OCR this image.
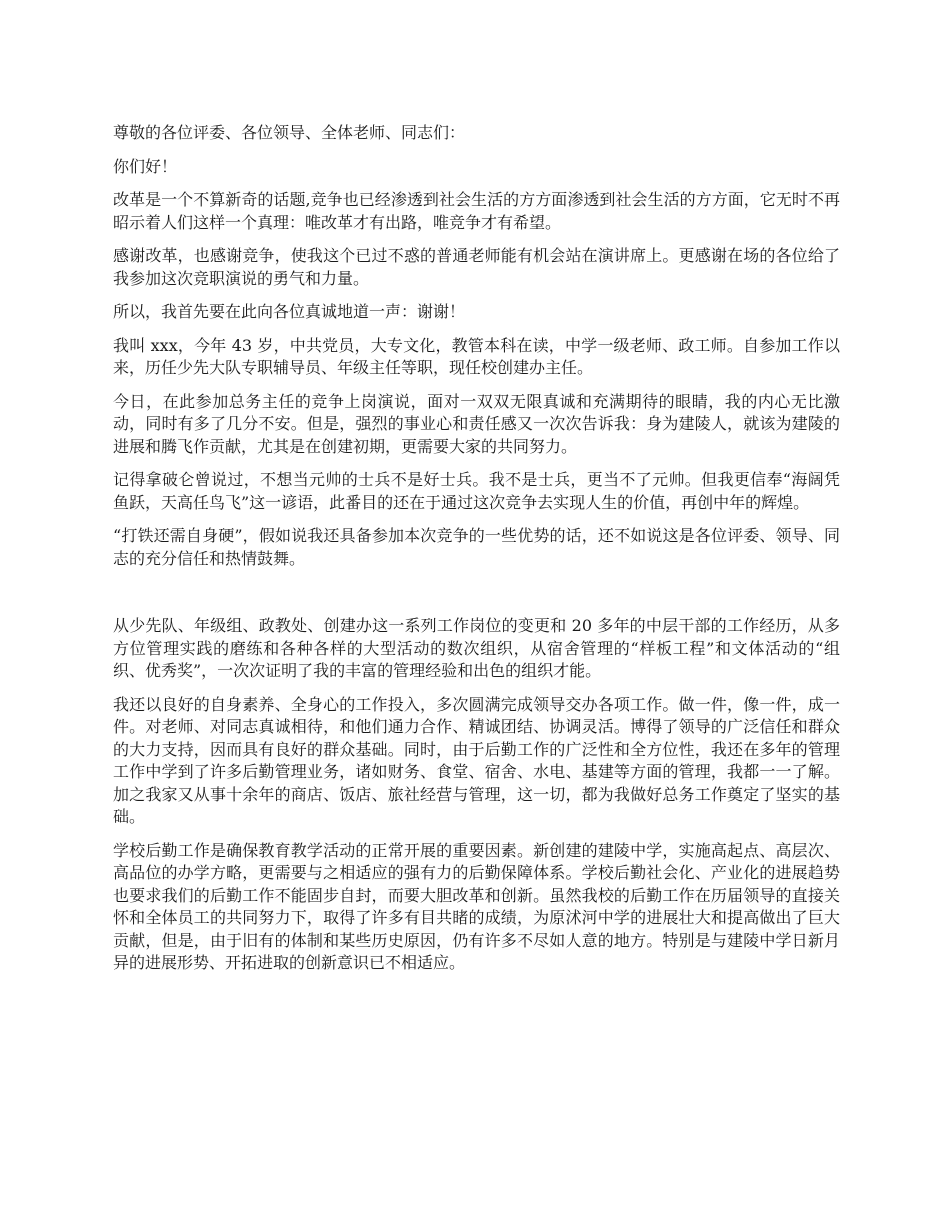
尊敬的各位评委、各位领导、全体老师、同志们：

你们好！

改革是一个不算新奇的话题,竞争也已经渗透到社会生活的方方面渗透到社会生活的方方面，它无时不再昭示着人们这样一个真理：唯改革才有出路，唯竞争才有希望。

感谢改革，也感谢竞争，使我这个已过不惑的普通老师能有机会站在演讲席上。更感谢在场的各位给了我参加这次竞职演说的勇气和力量。

所以，我首先要在此向各位真诚地道一声：谢谢！

我叫 xxx，今年 43 岁，中共党员，大专文化，教管本科在读，中学一级老师、政工师。自参加工作以来，历任少先大队专职辅导员、年级主任等职，现任校创建办主任。

今日，在此参加总务主任的竞争上岗演说，面对一双双无限真诚和充满期待的眼睛，我的内心无比激动，同时有多了几分不安。但是，强烈的事业心和责任感又一次次告诉我：身为建陵人，就该为建陵的进展和腾飞作贡献，尤其是在创建初期，更需要大家的共同努力。

记得拿破仑曾说过，不想当元帅的士兵不是好士兵。我不是士兵，更当不了元帅。但我更信奉“海阔凭鱼跃，天高任鸟飞”这一谚语，此番目的还在于通过这次竞争去实现人生的价值，再创中年的辉煌。

“打铁还需自身硬”，假如说我还具备参加本次竞争的一些优势的话，还不如说这是各位评委、领导、同志的充分信任和热情鼓舞。

从少先队、年级组、政教处、创建办这一系列工作岗位的变更和 20 多年的中层干部的工作经历，从多方位管理实践的磨练和各种各样的大型活动的数次组织，从宿舍管理的“样板工程”和文体活动的“组织、优秀奖”，一次次证明了我的丰富的管理经验和出色的组织才能。

我还以良好的自身素养、全身心的工作投入，多次圆满完成领导交办各项工作。做一件，像一件，成一件。对老师、对同志真诚相待，和他们通力合作、精诚团结、协调灵活。博得了领导的广泛信任和群众的大力支持，因而具有良好的群众基础。同时，由于后勤工作的广泛性和全方位性，我还在多年的管理工作中学到了许多后勤管理业务，诸如财务、食堂、宿舍、水电、基建等方面的管理，我都一一了解。加之我家又从事十余年的商店、饭店、旅社经营与管理，这一切，都为我做好总务工作奠定了坚实的基础。

学校后勤工作是确保教育教学活动的正常开展的重要因素。新创建的建陵中学，实施高起点、高层次、高品位的办学方略，更需要与之相适应的强有力的后勤保障体系。学校后勤社会化、产业化的进展趋势也要求我们的后勤工作不能固步自封，而要大胆改革和创新。虽然我校的后勤工作在历届领导的直接关怀和全体员工的共同努力下，取得了许多有目共睹的成绩，为原沭河中学的进展壮大和提高做出了巨大贡献，但是，由于旧有的体制和某些历史原因，仍有许多不尽如人意的地方。特别是与建陵中学日新月异的进展形势、开拓进取的创新意识已不相适应。
